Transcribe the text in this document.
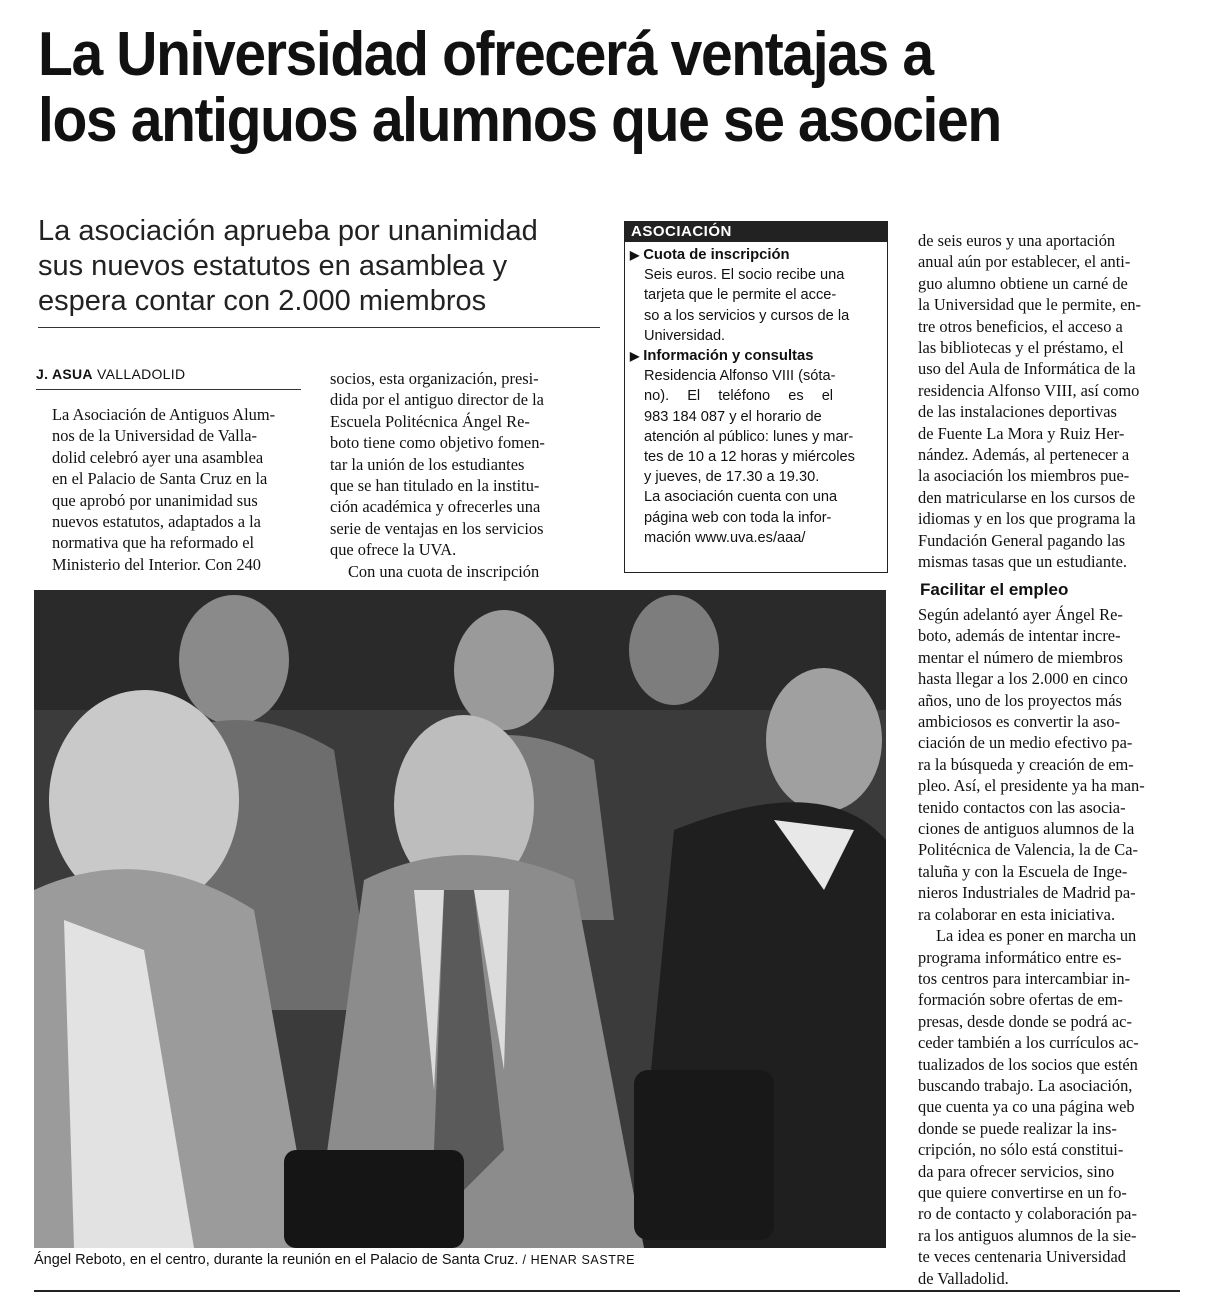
La Universidad ofrecerá ventajas a
los antiguos alumnos que se asocien
La asociación aprueba por unanimidad
sus nuevos estatutos en asamblea y
espera contar con 2.000 miembros
J. ASUA VALLADOLID

La Asociación de Antiguos Alum-
nos de la Universidad de Valla-
dolid celebró ayer una asamblea
en el Palacio de Santa Cruz en la
que aprobó por unanimidad sus
nuevos estatutos, adaptados a la
normativa que ha reformado el
Ministerio del Interior. Con 240

socios, esta organización, presi-
dida por el antiguo director de la
Escuela Politécnica Ángel Re-
boto tiene como objetivo fomen-
tar la unión de los estudiantes
que se han titulado en la institu-
ción académica y ofrecerles una
serie de ventajas en los servicios
que ofrece la UVA.

Con una cuota de inscripción

ASOCIACIÓN
▶ Cuota de inscripción
Seis euros. El socio recibe una
tarjeta que le permite el acce-
so a los servicios y cursos de la
Universidad.
▶ Información y consultas
Residencia Alfonso VIII (sóta-
no). El teléfono es el
983 184 087 y el horario de
atención al público: lunes y mar-
tes de 10 a 12 horas y miércoles
y jueves, de 17.30 a 19.30.
La asociación cuenta con una
página web con toda la infor-
mación www.uva.es/aaa/

de seis euros y una aportación
anual aún por establecer, el anti-
guo alumno obtiene un carné de
la Universidad que le permite, en-
tre otros beneficios, el acceso a
las bibliotecas y el préstamo, el
uso del Aula de Informática de la
residencia Alfonso VIII, así como
de las instalaciones deportivas
de Fuente La Mora y Ruiz Her-
nández. Además, al pertenecer a
la asociación los miembros pue-
den matricularse en los cursos de
idiomas y en los que programa la
Fundación General pagando las
mismas tasas que un estudiante.

Facilitar el empleo

Según adelantó ayer Ángel Re-
boto, además de intentar incre-
mentar el número de miembros
hasta llegar a los 2.000 en cinco
años, uno de los proyectos más
ambiciosos es convertir la aso-
ciación de un medio efectivo pa-
ra la búsqueda y creación de em-
pleo. Así, el presidente ya ha man-
tenido contactos con las asocia-
ciones de antiguos alumnos de la
Politécnica de Valencia, la de Ca-
taluña y con la Escuela de Inge-
nieros Industriales de Madrid pa-
ra colaborar en esta iniciativa.

La idea es poner en marcha un
programa informático entre es-
tos centros para intercambiar in-
formación sobre ofertas de em-
presas, desde donde se podrá ac-
ceder también a los currículos ac-
tualizados de los socios que estén
buscando trabajo. La asociación,
que cuenta ya co una página web
donde se puede realizar la ins-
cripción, no sólo está constitui-
da para ofrecer servicios, sino
que quiere convertirse en un fo-
ro de contacto y colaboración pa-
ra los antiguos alumnos de la sie-
te veces centenaria Universidad
de Valladolid.

Ángel Reboto, en el centro, durante la reunión en el Palacio de Santa Cruz. / HENAR SASTRE
